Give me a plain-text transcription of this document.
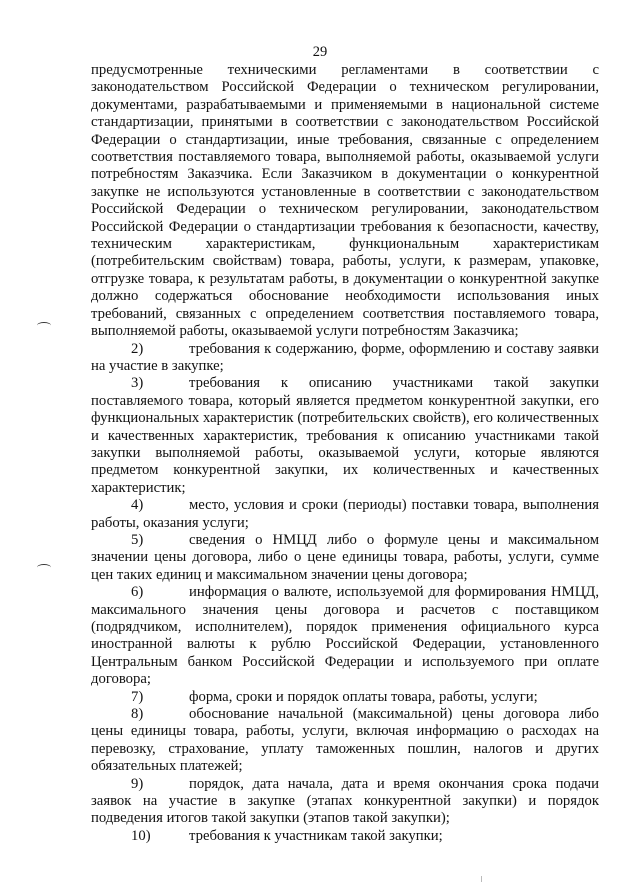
29

предусмотренные техническими регламентами в соответствии с законодательством Российской Федерации о техническом регулировании, документами, разрабатываемыми и применяемыми в национальной системе стандартизации, принятыми в соответствии с законодательством Российской Федерации о стандартизации, иные требования, связанные с определением соответствия поставляемого товара, выполняемой работы, оказываемой услуги потребностям Заказчика. Если Заказчиком в документации о конкурентной закупке не используются установленные в соответствии с законодательством Российской Федерации о техническом регулировании, законодательством Российской Федерации о стандартизации требования к безопасности, качеству, техническим характеристикам, функциональным характеристикам (потребительским свойствам) товара, работы, услуги, к размерам, упаковке, отгрузке товара, к результатам работы, в документации о конкурентной закупке должно содержаться обоснование необходимости использования иных требований, связанных с определением соответствия поставляемого товара, выполняемой работы, оказываемой услуги потребностям Заказчика;

2)	требования к содержанию, форме, оформлению и составу заявки на участие в закупке;

3)	требования к описанию участниками такой закупки поставляемого товара, который является предметом конкурентной закупки, его функциональных характеристик (потребительских свойств), его количественных и качественных характеристик, требования к описанию участниками такой закупки выполняемой работы, оказываемой услуги, которые являются предметом конкурентной закупки, их количественных и качественных характеристик;

4)	место, условия и сроки (периоды) поставки товара, выполнения работы, оказания услуги;

5)	сведения о НМЦД либо о формуле цены и максимальном значении цены договора, либо о цене единицы товара, работы, услуги, сумме цен таких единиц и максимальном значении цены договора;

6)	информация о валюте, используемой для формирования НМЦД, максимального значения цены договора и расчетов с поставщиком (подрядчиком, исполнителем), порядок применения официального курса иностранной валюты к рублю Российской Федерации, установленного Центральным банком Российской Федерации и используемого при оплате договора;

7)	форма, сроки и порядок оплаты товара, работы, услуги;

8)	обоснование начальной (максимальной) цены договора либо цены единицы товара, работы, услуги, включая информацию о расходах на перевозку, страхование, уплату таможенных пошлин, налогов и других обязательных платежей;

9)	порядок, дата начала, дата и время окончания срока подачи заявок на участие в закупке (этапах конкурентной закупки) и порядок подведения итогов такой закупки (этапов такой закупки);

10)	требования к участникам такой закупки;
